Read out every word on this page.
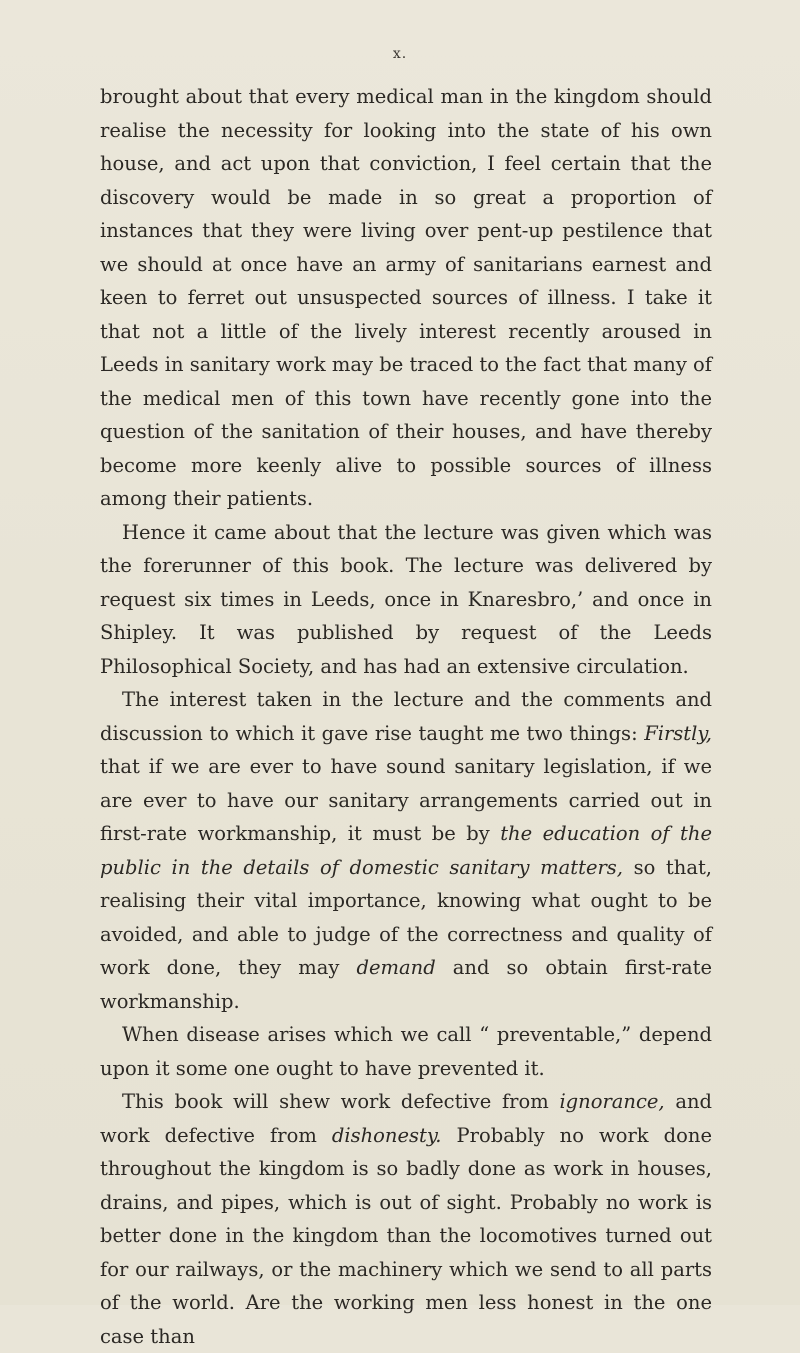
x.

brought about that every medical man in the kingdom should realise the necessity for looking into the state of his own house, and act upon that conviction, I feel certain that the discovery would be made in so great a proportion of instances that they were living over pent-up pestilence that we should at once have an army of sanitarians earnest and keen to ferret out unsuspected sources of illness. I take it that not a little of the lively interest recently aroused in Leeds in sanitary work may be traced to the fact that many of the medical men of this town have recently gone into the question of the sanitation of their houses, and have thereby become more keenly alive to possible sources of illness among their patients.

Hence it came about that the lecture was given which was the forerunner of this book. The lecture was delivered by request six times in Leeds, once in Knaresbro,’ and once in Shipley. It was published by request of the Leeds Philosophical Society, and has had an extensive circulation.

The interest taken in the lecture and the comments and discussion to which it gave rise taught me two things: Firstly, that if we are ever to have sound sanitary legislation, if we are ever to have our sanitary arrangements carried out in first-rate workmanship, it must be by the education of the public in the details of domestic sanitary matters, so that, realising their vital importance, knowing what ought to be avoided, and able to judge of the correctness and quality of work done, they may demand and so obtain first-rate workmanship.

When disease arises which we call “ preventable,” depend upon it some one ought to have prevented it.

This book will shew work defective from ignorance, and work defective from dishonesty. Probably no work done throughout the kingdom is so badly done as work in houses, drains, and pipes, which is out of sight. Probably no work is better done in the kingdom than the locomotives turned out for our railways, or the machinery which we send to all parts of the world. Are the working men less honest in the one case than
